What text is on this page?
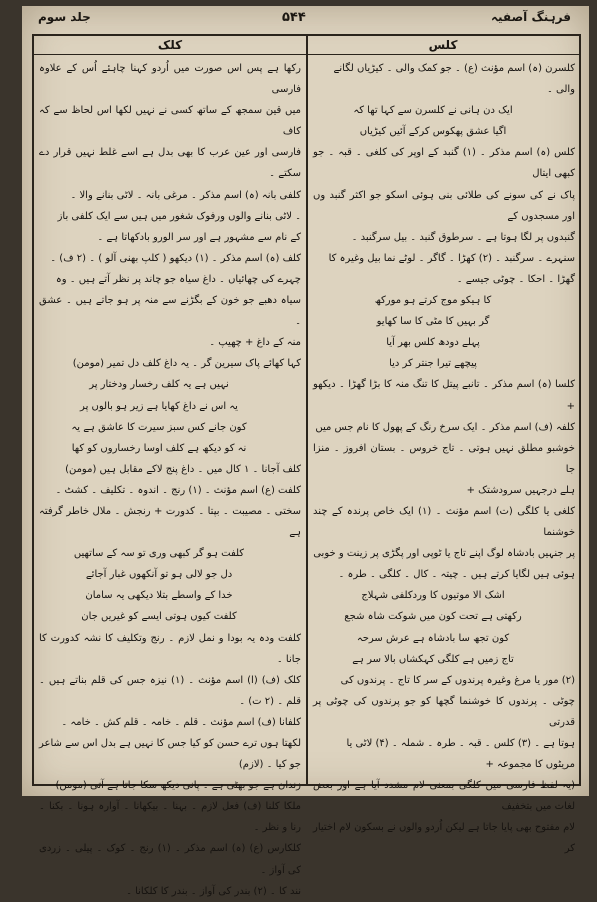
جلد سوم	۵۴۴	فرہنگ آصفیہ
کلک	کلس

رکھا ہے پس اس صورت میں اُردو کہنا چاہئے اُس کے علاوہ فارسی

میں قین سمجھ کے ساتھ کسی نے نہیں لکھا اس لحاظ سے کہ کاف

فارسی اور عین عرب کا بھی بدل ہے اسے غلط نہیں قرار دے سکتے ۔

کلفی بانہ (ہ) اسم مذکر ۔ مرغی بانہ ۔ لاٹی بنانے والا ۔

۔ لاٹی بنانے والوں ورفوک شغور میں ہیں سے ایک کلفی باز

کے نام سے مشہور ہے اور سر الورو بادکھاتا ہے ۔

کلف (ہ) اسم مذکر ۔ (۱) دیکھو ( کلپ بھنی آلو ) ۔ (۲ ف) ۔

چہرے کی چھائیاں ۔ داغ سیاہ جو چاند پر نظر آتے ہیں ۔ وہ

سیاہ دھبے جو خون کے بگڑنے سے منہ پر ہو جاتے ہیں ۔ عشق ۔

منہ کے داغ + چھیپ ۔

کہا کھائے پاک سیرین گر ۔ یہ داغ کلف دل تمیر (مومن)

نہیں ہے یہ کلف رخسار ودختار پر

یہ اس نے داغ کھایا ہے زیر ہو بالوں پر

کون جانے کس سبز سیرت کا عاشق ہے یہ

نہ کو دیکھ ہے کلف اوسا رخساروں کو کھا

کلف آجانا ۔ ۱ کال میں ۔ داغ پنج لاکے مقابل ہیں (مومن)

کلفت (ع) اسم مؤنث ۔ (۱) رنج ۔ اندوہ ۔ تکلیف ۔ کشٹ ۔

سختی ۔ مصیبت ۔ بپتا ۔ کدورت + رنجش ۔ ملال خاطر گرفتہ ہے

کلفت ہو گر کبھی وری تو سہ کے ساتھیں

دل جو لالی ہو تو آنکھوں غبار آجائے

خدا کے واسطے بتلا دیکھی یہ سامان

کلفت کیوں ہوتی ایسے کو غیریں جان

کلفت ودہ یہ بودا و نمل لازم ۔ رنج وتکلیف کا نشہ کدورت کا جانا ۔

کلک (ف) (ا) اسم مؤنث ۔ (۱) نیزہ جس کی قلم بناتے ہیں ۔ قلم ۔ (۲ ت) ۔

کلفانا (ف) اسم مؤنث ۔ قلم ۔ خامہ ۔ قلم کش ۔ خامہ ۔

لکھتا ہوں ترے حسن کو کیا جس کا نہیں ہے بدل اس سے شاعر جو کیا ۔ (لازم)

زندان ہے جو بھٹی ہے ۔ پانی دیکھ سکا جاتا ہے آتی (مومن)

ملکا کلنا (ف) فعل لازم ۔ بہنا ۔ بیکھانا ۔ آوارہ ہونا ۔ بکنا ۔ رنا و نظر ۔

کلکارس (ع) (ہ) اسم مذکر ۔ (۱) رنج ۔ کوک ۔ پیلی ۔ زردی کی آواز ۔

نند کا ۔ (۲) بندر کی آواز ۔ بندر کا کلکانا ۔

کلسرن (ہ) اسم مؤنث (ع) ۔ جو کمک والی ۔ کیڑیاں لگانے

والی ۔

ایک دن ہانی نے کلسرن سے کہا تھا کہ

اگیا عشق پھکوس کرکے آئیں کیڑیاں

کلس (ہ) اسم مذکر ۔ (۱) گنبد کے اوپر کی کلغی ۔ قبہ ۔ جو کبھی ایتال

پاک نے کی سونے کی طلائی بنی ہوئی اسکو جو اکثر گنبد وں اور مسجدوں کے

گنبدوں پر لگا ہوتا ہے ۔ سرطوق گنبد ۔ بیل سرگنبد ۔

سنہرے ۔ سرگنبد ۔ (۲) کھڑا ۔ گاگر ۔ لوٹے نما بیل وغیرہ کا

گھڑا ۔ احکا ۔ چوٹی جیسے ۔

کا ہیکو موج کرتے ہو مورکھ

گر بہیں کا مٹی کا سا کھایو

پہلے دودھ کلس بھر آیا

پیچھے تیرا جنتر کر دیا

کلسا (ہ) اسم مذکر ۔ تانبے پیتل کا تنگ منہ کا بڑا گھڑا ۔ دیکھو +

کلفہ (ف) اسم مذکر ۔ ایک سرخ رنگ کے پھول کا نام جس میں

خوشبو مطلق نہیں ہوتی ۔ تاج خروس ۔ بستان افروز ۔ منزا جا

ہلے درجہیں سرودشتک +

کلغی یا کلگی (ت) اسم مؤنث ۔ (۱) ایک خاص پرندہ کے چند خوشنما

پر جنہیں بادشاہ لوگ اپنے تاج یا ٹوپی اور پگڑی پر زینت و خوبی

ہوئی ہیں لگایا کرتے ہیں ۔ چیتہ ۔ کال ۔ کلگی ۔ طرہ ۔

اشک الا موتیوں کا وردکلفی شہلاج

رکھتی ہے تحت کون میں شوکت شاہ شجع

کون تجھ سا بادشاہ ہے عرش سرحہ

تاج زمیں ہے کلگی کہکشاں بالا سر ہے

(۲) مور یا مرغ وغیرہ پرندوں کے سر کا تاج ۔ پرندوں کی

چوٹی ۔ پرندوں کا خوشنما گچھا کو جو پرندوں کی چوٹی پر قدرتی

ہوتا ہے ۔ (۳) کلس ۔ قبہ ۔ طرہ ۔ شملہ ۔ (۴) لاٹی یا

مریٹوں کا مجموعہ +

(یہ لفظ فارسی میں کلگی بمعنی لام مشدد آیا ہے اور بعض لغات میں بتخفیف

لام مفتوح بھی پایا جاتا ہے لیکن اُردو والوں نے بسکون لام اختیار کر
